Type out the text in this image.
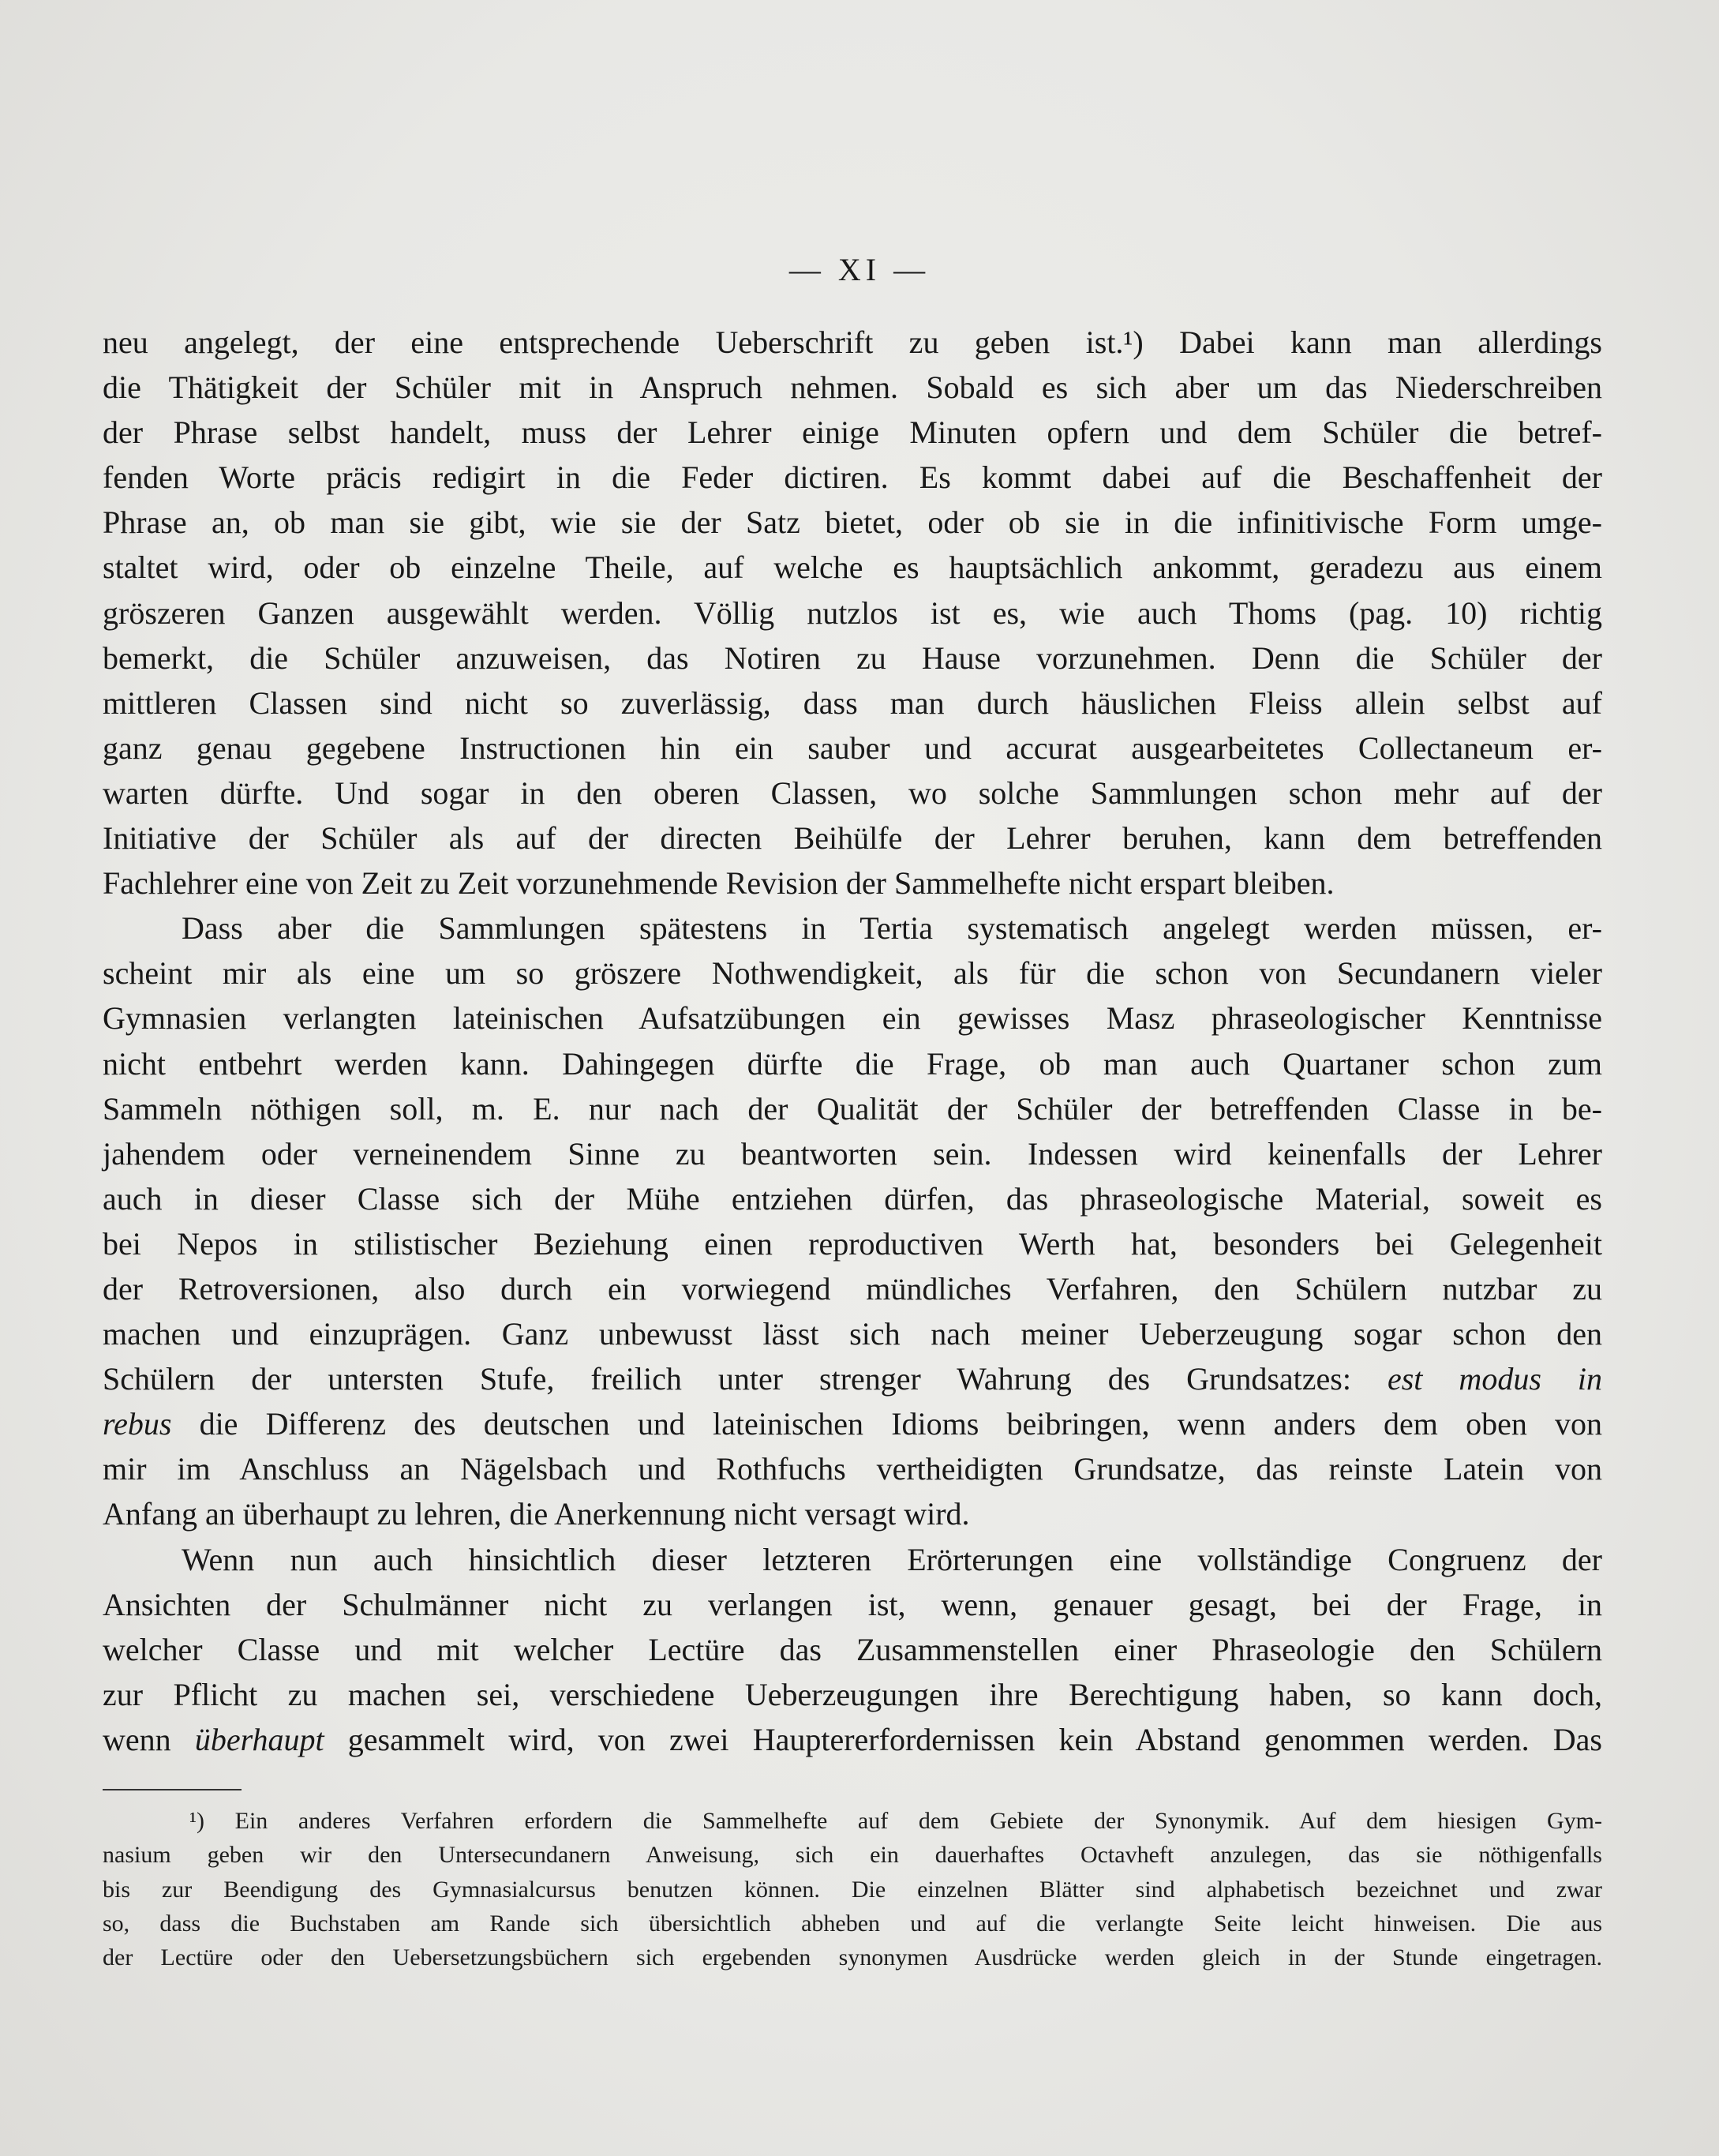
— XI —
neu angelegt, der eine entsprechende Ueberschrift zu geben ist.¹) Dabei kann man allerdings
die Thätigkeit der Schüler mit in Anspruch nehmen. Sobald es sich aber um das Niederschreiben
der Phrase selbst handelt, muss der Lehrer einige Minuten opfern und dem Schüler die betref-
fenden Worte präcis redigirt in die Feder dictiren. Es kommt dabei auf die Beschaffenheit der
Phrase an, ob man sie gibt, wie sie der Satz bietet, oder ob sie in die infinitivische Form umge-
staltet wird, oder ob einzelne Theile, auf welche es hauptsächlich ankommt, geradezu aus einem
gröszeren Ganzen ausgewählt werden. Völlig nutzlos ist es, wie auch Thoms (pag. 10) richtig
bemerkt, die Schüler anzuweisen, das Notiren zu Hause vorzunehmen. Denn die Schüler der
mittleren Classen sind nicht so zuverlässig, dass man durch häuslichen Fleiss allein selbst auf
ganz genau gegebene Instructionen hin ein sauber und accurat ausgearbeitetes Collectaneum er-
warten dürfte. Und sogar in den oberen Classen, wo solche Sammlungen schon mehr auf der
Initiative der Schüler als auf der directen Beihülfe der Lehrer beruhen, kann dem betreffenden
Fachlehrer eine von Zeit zu Zeit vorzunehmende Revision der Sammelhefte nicht erspart bleiben.
Dass aber die Sammlungen spätestens in Tertia systematisch angelegt werden müssen, er-
scheint mir als eine um so gröszere Nothwendigkeit, als für die schon von Secundanern vieler
Gymnasien verlangten lateinischen Aufsatzübungen ein gewisses Masz phraseologischer Kenntnisse
nicht entbehrt werden kann. Dahingegen dürfte die Frage, ob man auch Quartaner schon zum
Sammeln nöthigen soll, m. E. nur nach der Qualität der Schüler der betreffenden Classe in be-
jahendem oder verneinendem Sinne zu beantworten sein. Indessen wird keinenfalls der Lehrer
auch in dieser Classe sich der Mühe entziehen dürfen, das phraseologische Material, soweit es
bei Nepos in stilistischer Beziehung einen reproductiven Werth hat, besonders bei Gelegenheit
der Retroversionen, also durch ein vorwiegend mündliches Verfahren, den Schülern nutzbar zu
machen und einzuprägen. Ganz unbewusst lässt sich nach meiner Ueberzeugung sogar schon den
Schülern der untersten Stufe, freilich unter strenger Wahrung des Grundsatzes: est modus in
rebus die Differenz des deutschen und lateinischen Idioms beibringen, wenn anders dem oben von
mir im Anschluss an Nägelsbach und Rothfuchs vertheidigten Grundsatze, das reinste Latein von
Anfang an überhaupt zu lehren, die Anerkennung nicht versagt wird.
Wenn nun auch hinsichtlich dieser letzteren Erörterungen eine vollständige Congruenz der
Ansichten der Schulmänner nicht zu verlangen ist, wenn, genauer gesagt, bei der Frage, in
welcher Classe und mit welcher Lectüre das Zusammenstellen einer Phraseologie den Schülern
zur Pflicht zu machen sei, verschiedene Ueberzeugungen ihre Berechtigung haben, so kann doch,
wenn überhaupt gesammelt wird, von zwei Hauptererfordernissen kein Abstand genommen werden. Das
¹) Ein anderes Verfahren erfordern die Sammelhefte auf dem Gebiete der Synonymik. Auf dem hiesigen Gym-
nasium geben wir den Untersecundanern Anweisung, sich ein dauerhaftes Octavheft anzulegen, das sie nöthigenfalls
bis zur Beendigung des Gymnasialcursus benutzen können. Die einzelnen Blätter sind alphabetisch bezeichnet und zwar
so, dass die Buchstaben am Rande sich übersichtlich abheben und auf die verlangte Seite leicht hinweisen. Die aus
der Lectüre oder den Uebersetzungsbüchern sich ergebenden synonymen Ausdrücke werden gleich in der Stunde eingetragen.
